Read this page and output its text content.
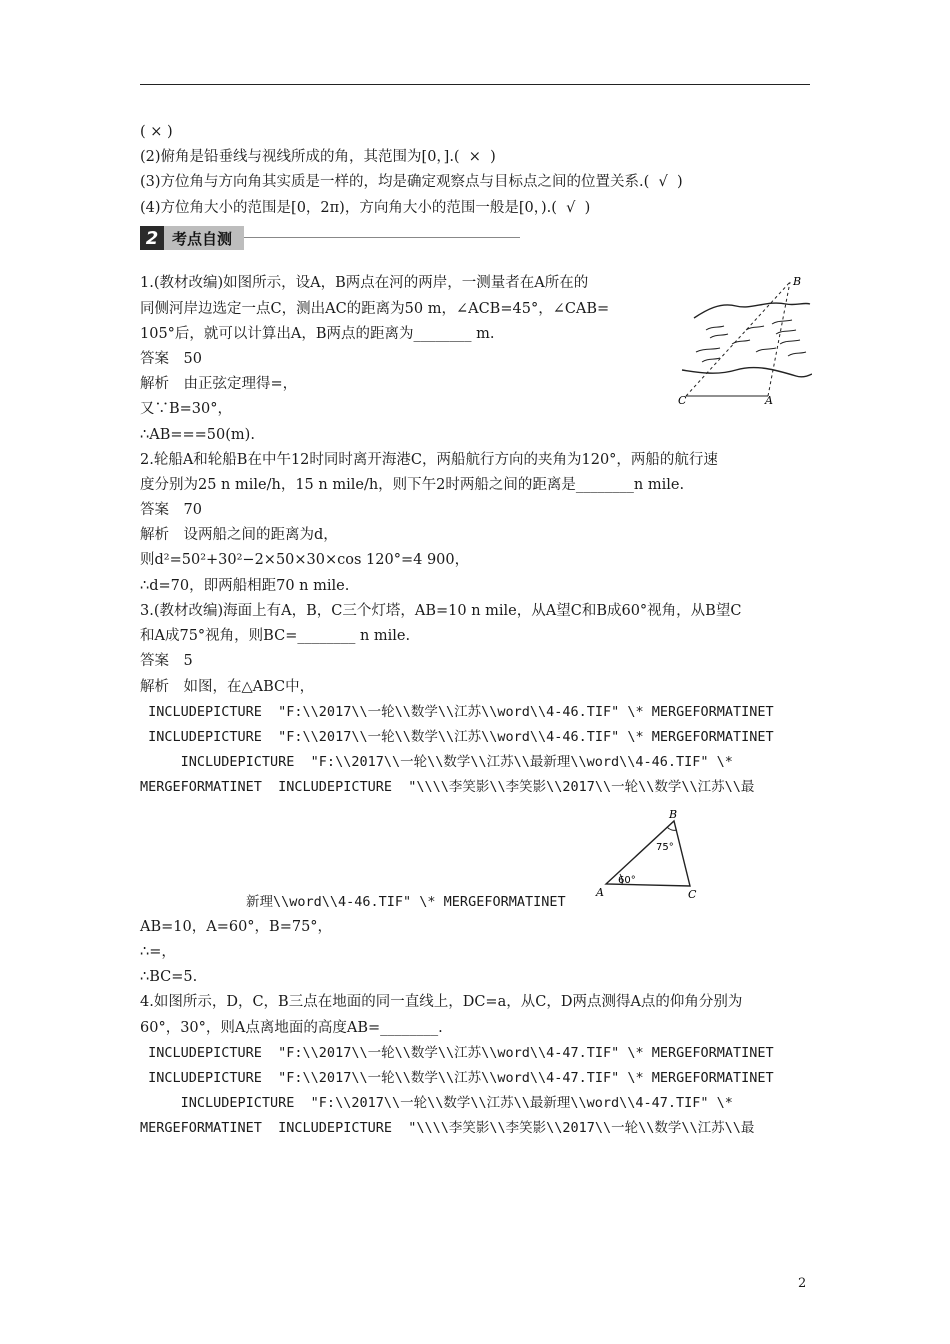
( × )
(2)俯角是铅垂线与视线所成的角，其范围为[0，].(  ×  )
(3)方位角与方向角其实质是一样的，均是确定观察点与目标点之间的位置关系.(  √  )
(4)方位角大小的范围是[0，2π)，方向角大小的范围一般是[0，).(  √  )
2 考点自测
1.(教材改编)如图所示，设A，B两点在河的两岸，一测量者在A所在的
同侧河岸边选定一点C，测出AC的距离为50 m，∠ACB=45°，∠CAB=
105°后，就可以计算出A，B两点的距离为________ m.
答案　50
解析　由正弦定理得=，
又∵B=30°，
∴AB===50(m).
B
C	A
2.轮船A和轮船B在中午12时同时离开海港C，两船航行方向的夹角为120°，两船的航行速
度分别为25 n mile/h，15 n mile/h，则下午2时两船之间的距离是________n mile.
答案　70
解析　设两船之间的距离为d，
则d²=50²+30²−2×50×30×cos 120°=4 900，
∴d=70，即两船相距70 n mile.
3.(教材改编)海面上有A，B，C三个灯塔，AB=10 n mile，从A望C和B成60°视角，从B望C
和A成75°视角，则BC=________ n mile.
答案　5
解析　如图，在△ABC中，
INCLUDEPICTURE  "F:\\2017\\一轮\\数学\\江苏\\word\\4-46.TIF" \* MERGEFORMATINET
INCLUDEPICTURE  "F:\\2017\\一轮\\数学\\江苏\\word\\4-46.TIF" \* MERGEFORMATINET
INCLUDEPICTURE  "F:\\2017\\一轮\\数学\\江苏\\最新理\\word\\4-46.TIF" \*
MERGEFORMATINET  INCLUDEPICTURE  "\\\\李笑影\\李笑影\\2017\\一轮\\数学\\江苏\\最
B
A	C
75°
60°
新理\\word\\4-46.TIF" \* MERGEFORMATINET
AB=10，A=60°，B=75°，
∴=，
∴BC=5.
4.如图所示，D，C，B三点在地面的同一直线上，DC=a，从C，D两点测得A点的仰角分别为
60°，30°，则A点离地面的高度AB=________.
INCLUDEPICTURE  "F:\\2017\\一轮\\数学\\江苏\\word\\4-47.TIF" \* MERGEFORMATINET
INCLUDEPICTURE  "F:\\2017\\一轮\\数学\\江苏\\word\\4-47.TIF" \* MERGEFORMATINET
INCLUDEPICTURE  "F:\\2017\\一轮\\数学\\江苏\\最新理\\word\\4-47.TIF" \*
MERGEFORMATINET  INCLUDEPICTURE  "\\\\李笑影\\李笑影\\2017\\一轮\\数学\\江苏\\最
2
